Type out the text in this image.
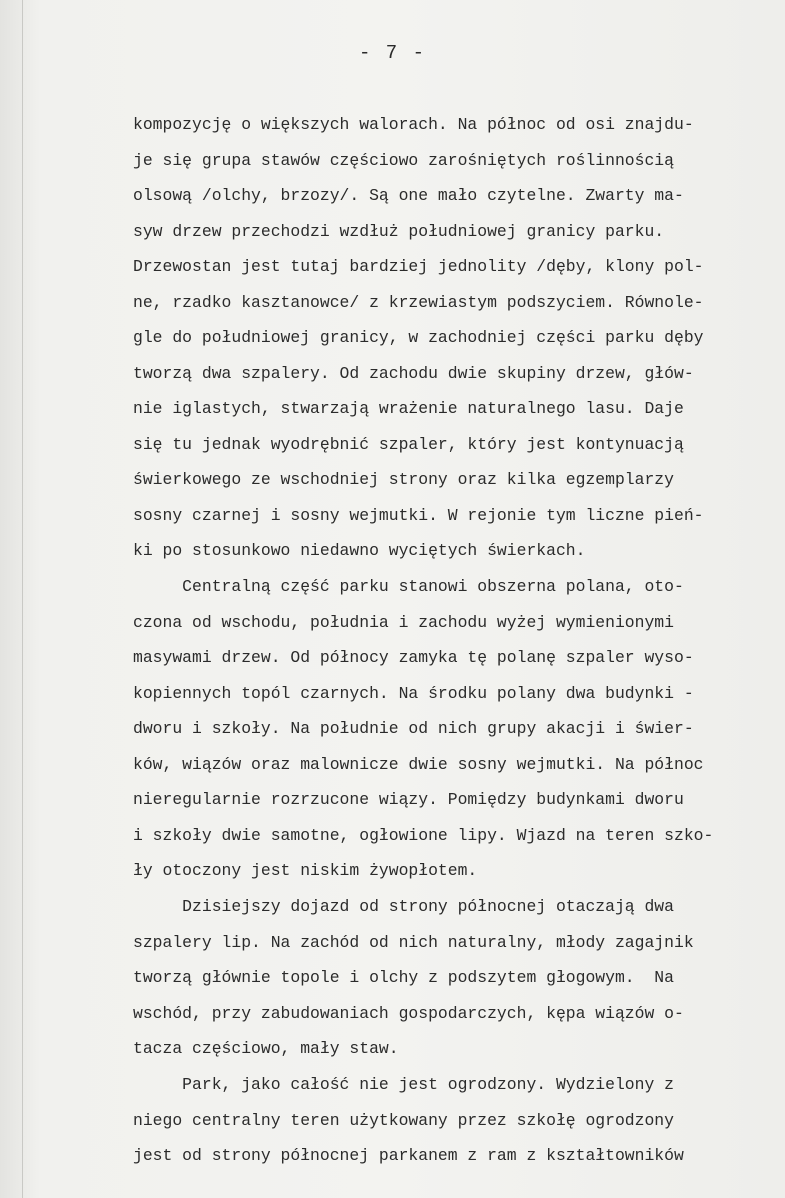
- 7 -
kompozycję o większych walorach. Na północ od osi znajdu-
je się grupa stawów częściowo zarośniętych roślinnością
olsową /olchy, brzozy/. Są one mało czytelne. Zwarty ma-
syw drzew przechodzi wzdłuż południowej granicy parku.
Drzewostan jest tutaj bardziej jednolity /dęby, klony pol-
ne, rzadko kasztanowce/ z krzewiastym podszyciem. Równole-
gle do południowej granicy, w zachodniej części parku dęby
tworzą dwa szpalery. Od zachodu dwie skupiny drzew, głów-
nie iglastych, stwarzają wrażenie naturalnego lasu. Daje
się tu jednak wyodrębnić szpaler, który jest kontynuacją
świerkowego ze wschodniej strony oraz kilka egzemplarzy
sosny czarnej i sosny wejmutki. W rejonie tym liczne pień-
ki po stosunkowo niedawno wyciętych świerkach.
Centralną część parku stanowi obszerna polana, oto-
czona od wschodu, południa i zachodu wyżej wymienionymi
masywami drzew. Od północy zamyka tę polanę szpaler wyso-
kopiennych topól czarnych. Na środku polany dwa budynki -
dworu i szkoły. Na południe od nich grupy akacji i świer-
ków, wiązów oraz malownicze dwie sosny wejmutki. Na północ
nieregularnie rozrzucone wiązy. Pomiędzy budynkami dworu
i szkoły dwie samotne, ogłowione lipy. Wjazd na teren szko-
ły otoczony jest niskim żywopłotem.
Dzisiejszy dojazd od strony północnej otaczają dwa
szpalery lip. Na zachód od nich naturalny, młody zagajnik
tworzą głównie topole i olchy z podszytem głogowym.  Na
wschód, przy zabudowaniach gospodarczych, kępa wiązów o-
tacza częściowo, mały staw.
Park, jako całość nie jest ogrodzony. Wydzielony z
niego centralny teren użytkowany przez szkołę ogrodzony
jest od strony północnej parkanem z ram z kształtowników
